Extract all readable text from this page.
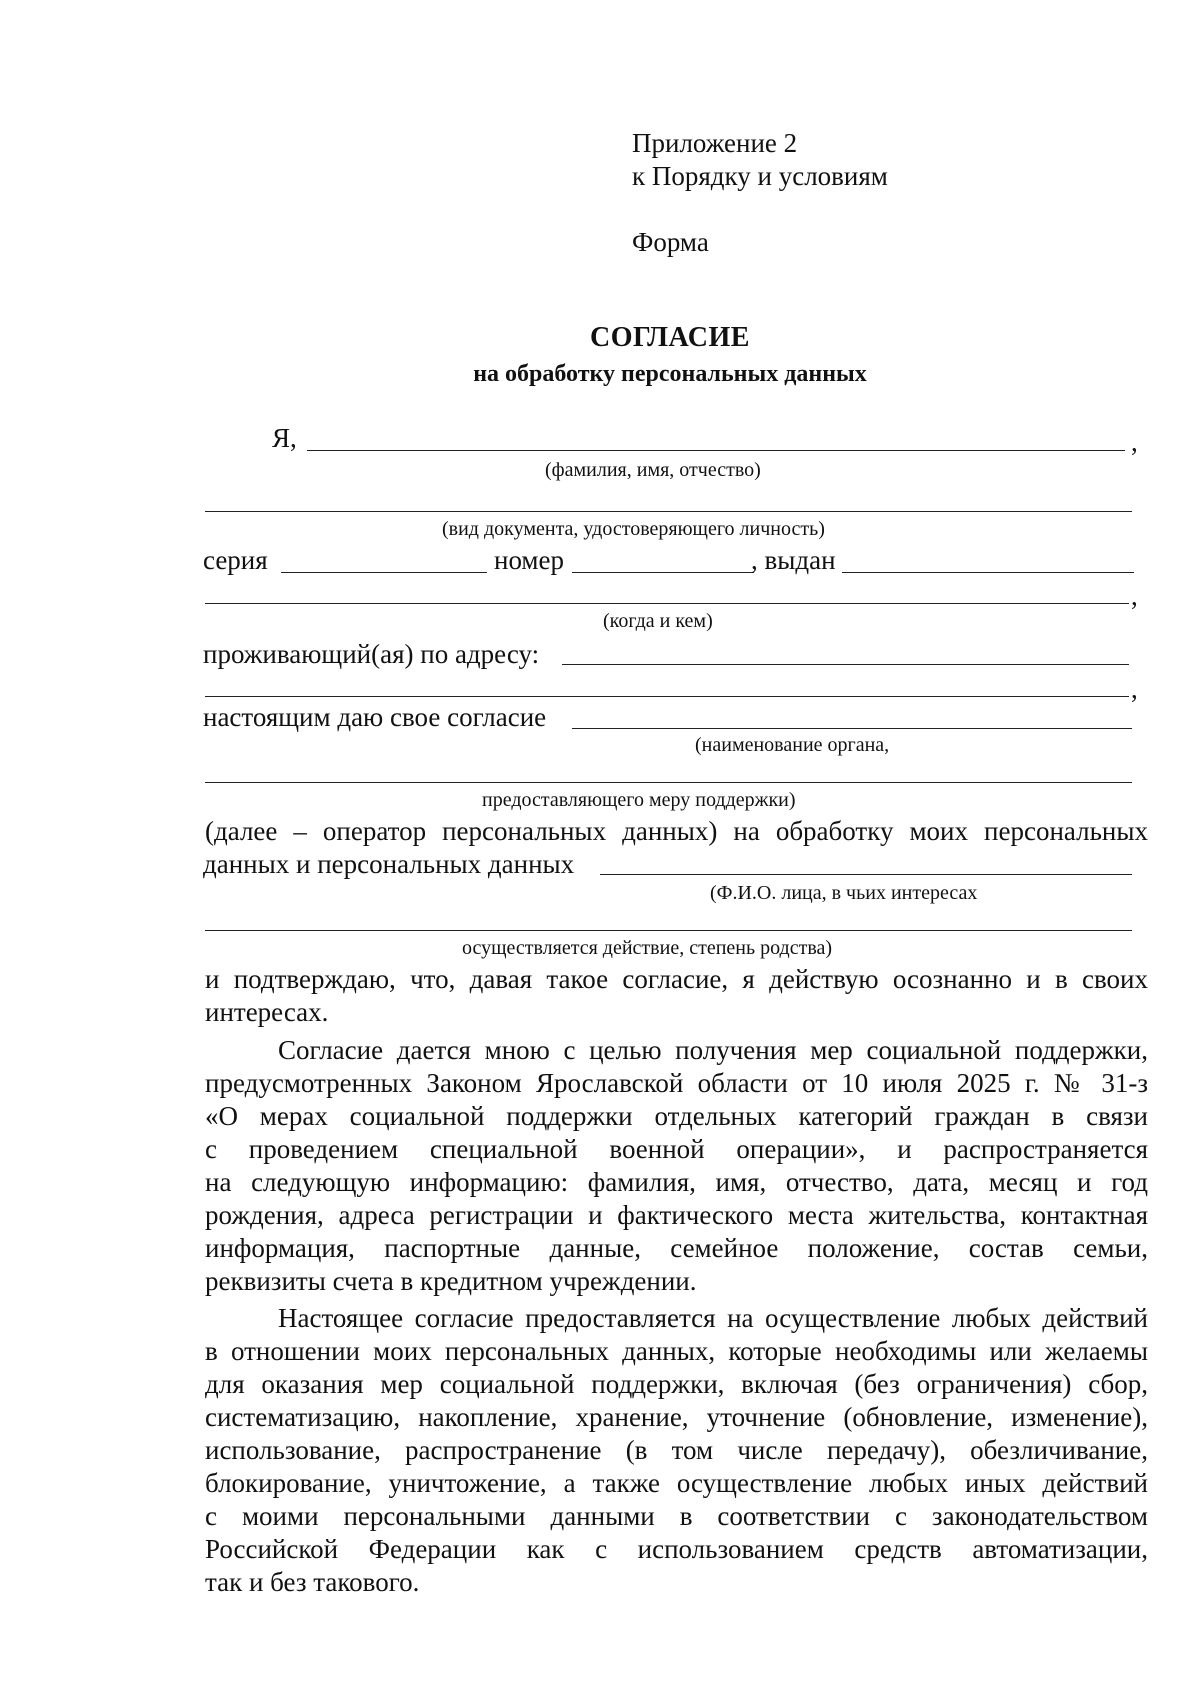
Приложение 2

к Порядку и условиям

Форма

СОГЛАСИЕ

на обработку персональных данных

Я,	,

(фамилия, имя, отчество)

(вид документа, удостоверяющего личность)

серия	номер	, выдан

,

(когда и кем)

проживающий(ая) по адресу:

,

настоящим даю свое согласие

(наименование органа,

предоставляющего меру поддержки)

(далее – оператор персональных данных) на обработку моих персональных

данных и персональных данных

(Ф.И.О. лица, в чьих интересах

осуществляется действие, степень родства)

и подтверждаю, что, давая такое согласие, я действую осознанно и в своих

интересах.

Согласие дается мною с целью получения мер социальной поддержки,

предусмотренных Законом Ярославской области от 10 июля 2025 г. № 31-з

«О мерах социальной поддержки отдельных категорий граждан в связи

с проведением специальной военной операции», и распространяется

на следующую информацию: фамилия, имя, отчество, дата, месяц и год

рождения, адреса регистрации и фактического места жительства, контактная

информация, паспортные данные, семейное положение, состав семьи,

реквизиты счета в кредитном учреждении.

Настоящее согласие предоставляется на осуществление любых действий

в отношении моих персональных данных, которые необходимы или желаемы

для оказания мер социальной поддержки, включая (без ограничения) сбор,

систематизацию, накопление, хранение, уточнение (обновление, изменение),

использование, распространение (в том числе передачу), обезличивание,

блокирование, уничтожение, а также осуществление любых иных действий

с моими персональными данными в соответствии с законодательством

Российской Федерации как с использованием средств автоматизации,

так и без такового.
